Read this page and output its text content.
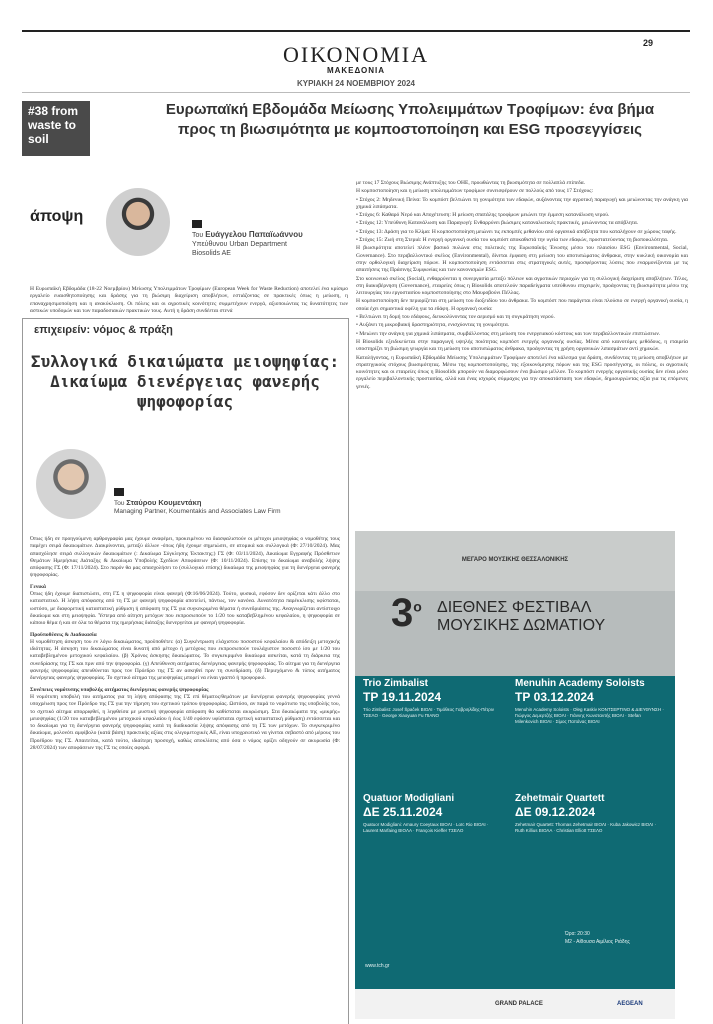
ΟΙΚΟΝΟΜΙΑ
ΜΑΚΕΔΟΝΙΑ
29
ΚΥΡΙΑΚΗ 24 ΝΟΕΜΒΡΙΟΥ 2024
#38 from waste to soil
Ευρωπαϊκή Εβδομάδα Μείωσης Υπολειμμάτων Τροφίμων: ένα βήμα προς τη βιωσιμότητα με κομποστοποίηση και ESG προσεγγίσεις
άποψη
Του Ευάγγελου Παπαϊωάννου
Υπεύθυνου Urban Department
Biosolids AE
Η Ευρωπαϊκή Εβδομάδα (18-22 Νοεμβρίου) Μείωσης Υπολειμμάτων Τροφίμων (European Week for Waste Reduction) αποτελεί ένα κρίσιμο εργαλείο ευαισθητοποίησης και δράσης για τη βιώσιμη διαχείριση αποβλήτων, εστιάζοντας σε πρακτικές όπως η μείωση, η επαναχρησιμοποίηση και η ανακύκλωση. Οι πόλεις και οι αγροτικές κοινότητες συμμετέχουν ενεργά, αξιοποιώντας τις δυνατότητες των αστικών υποδομών και των παραδοσιακών πρακτικών τους. Αυτή η δράση συνδέεται στενά
με τους 17 Στόχους Βιώσιμης Ανάπτυξης του ΟΗΕ, προωθώντας τη βιωσιμότητα σε πολλαπλά επίπεδα.
Η κομποστοποίηση και η μείωση υπολειμμάτων τροφίμων συνεισφέρουν σε πολλούς από τους 17 Στόχους:
• Στόχος 2: Μηδενική Πείνα: Το κομπόστ βελτιώνει τη γονιμότητα των εδαφών, αυξάνοντας την αγροτική παραγωγή και μειώνοντας την ανάγκη για χημικά λιπάσματα.
• Στόχος 6: Καθαρό Νερό και Αποχέτευση: Η μείωση σπατάλης τροφίμων μειώνει την έμμεση κατανάλωση νερού.
• Στόχος 12: Υπεύθυνη Κατανάλωση και Παραγωγή: Ενθαρρύνει βιώσιμες καταναλωτικές πρακτικές, μειώνοντας τα απόβλητα.
• Στόχος 13: Δράση για το Κλίμα: Η κομποστοποίηση μειώνει τις εκπομπές μεθανίου από οργανικά απόβλητα που καταλήγουν σε χώρους ταφής.
• Στόχος 15: Ζωή στη Στεριά: Η ενεργή οργανική ουσία του κομπόστ αποκαθιστά την υγεία των εδαφών, προστατεύοντας τη βιοποικιλότητα.
Η βιωσιμότητα αποτελεί πλέον βασικό πυλώνα στις πολιτικές της Ευρωπαϊκής Ένωσης μέσω του πλαισίου ESG (Environmental, Social, Governance). Στο περιβαλλοντικό σκέλος (Environmental), δίνεται έμφαση στη μείωση του αποτυπώματος άνθρακα, στην κυκλική οικονομία και στην ορθολογική διαχείριση πόρων. Η κομποστοποίηση εντάσσεται στις στρατηγικές αυτές, προσφέροντας λύσεις που εναρμονίζονται με τις απαιτήσεις της Πράσινης Συμφωνίας και των κανονισμών ESG.
Στο κοινωνικό σκέλος (Social), ενθαρρύνεται η συνεργασία μεταξύ πόλεων και αγροτικών περιοχών για τη συλλογική διαχείριση αποβλήτων. Τέλος, στη διακυβέρνηση (Governance), εταιρείες όπως η Biosolids αποτελούν παραδείγματα υπεύθυνου επιχειρείν, προάγοντας τη βιωσιμότητα μέσω της λειτουργίας του εργοστασίου κομποστοποίησης στο Μαυροβούνι Πέλλας.
Η κομποστοποίηση δεν περιορίζεται στη μείωση του διοξειδίου του άνθρακα. Το κομπόστ που παράγεται είναι πλούσιο σε ενεργή οργανική ουσία, η οποία έχει σημαντικά οφέλη για τα εδάφη. Η οργανική ουσία:
• Βελτιώνει τη δομή του εδάφους, διευκολύνοντας τον αερισμό και τη συγκράτηση νερού.
• Αυξάνει τη μικροβιακή δραστηριότητα, ενισχύοντας τη γονιμότητα.
• Μειώνει την ανάγκη για χημικά λιπάσματα, συμβάλλοντας στη μείωση του ενεργειακού κόστους και των περιβαλλοντικών επιπτώσεων.
Η Biosolids εξειδικεύεται στην παραγωγή υψηλής ποιότητας κομπόστ ενεργής οργανικής ουσίας. Μέσα από καινοτόμες μεθόδους, η εταιρεία υποστηρίζει τη βιώσιμη γεωργία και τη μείωση του αποτυπώματος άνθρακα, προάγοντας τη χρήση οργανικών λιπασμάτων αντί χημικών.
Καταλήγοντας, η Ευρωπαϊκή Εβδομάδα Μείωσης Υπολειμμάτων Τροφίμων αποτελεί ένα κάλεσμα για δράση, συνδέοντας τη μείωση αποβλήτων με στρατηγικούς στόχους βιωσιμότητας. Μέσω της κομποστοποίησης, της εξοικονόμησης πόρων και της ESG προσέγγισης, οι πόλεις, οι αγροτικές κοινότητες και οι εταιρείες όπως η Biosolids μπορούν να διαμορφώσουν ένα βιώσιμο μέλλον. Το κομπόστ ενεργής οργανικής ουσίας δεν είναι μόνο εργαλείο περιβαλλοντικής προστασίας, αλλά και ένας ισχυρός σύμμαχος για την αποκατάσταση των εδαφών, δημιουργώντας αξία για τις επόμενες γενιές.
επιχειρείν: νόμος & πράξη
Συλλογικά δικαιώματα μειοψηφίας: Δικαίωμα διενέργειας φανερής ψηφοφορίας
Του Σταύρου Κουμεντάκη
Managing Partner, Koumentakis and Associates Law Firm
Όπως ήδη σε προηγούμενη αρθρογραφία μας έχουμε αναφέρει, προκειμένου να διασφαλιστούν οι μέτοχοι μειοψηφίας ο νομοθέτης τους παρέχει σειρά δικαιωμάτων. Διακρίνονται, μεταξύ άλλων -όπως ήδη έχουμε σημειώσει, σε ατομικά και συλλογικά (Φ: 27/10/2024). Μας απασχόλησε σειρά συλλογικών δικαιωμάτων (: Δικαίωμα Σύγκλησης Έκτακτης;) ΓΣ (Φ: 03/11/2024), Δικαίωμα Εγγραφής Πρόσθετων Θεμάτων Ημερήσιας Διάταξης & Δικαίωμα Υποβολής Σχεδίων Αποφάσεων (Φ: 10/11/2024). Επίσης το δικαίωμα αναβολής λήψης απόφασης ΓΣ (Φ: 17/11/2024). Στο παρόν θα μας απασχολήσει το (συλλογικό επίσης) δικαίωμα της μειοψηφίας για τη διενέργεια φανερής ψηφοφορίας.
Γενικά
Όπως ήδη έχουμε διαπιστώσει, στη ΓΣ η ψηφοφορία είναι φανερή (Φ:16/06/2024). Τούτο, φυσικά, εφόσον δεν ορίζεται κάτι άλλο στο καταστατικό. Η λήψη απόφασης από τη ΓΣ με φανερή ψηφοφορία αποτελεί, πάντως, τον κανόνα. Δυνατότητα παρέκκλισης υφίσταται, ωστόσο, με διαφορετική καταστατική ρύθμιση ή απόφαση της ΓΣ για συγκεκριμένα θέματα ή συνεδριάσεις της. Αναγνωρίζεται αντίστοιχο δικαίωμα και στη μειοψηφία. Ύστερα από αίτηση μετόχων που εκπροσωπούν το 1/20 του καταβεβλημένου κεφαλαίου, η ψηφοφορία σε κάποιο θέμα ή και σε όλα τα θέματα της ημερήσιας διάταξης διενεργείται με φανερή ψηφοφορία.
Προϋποθέσεις & Διαδικασία
Η νομοθέτηση άσκηση του εν λόγω δικαιώματος, προϋποθέτει: (α) Συγκέντρωση ελάχιστου ποσοστού κεφαλαίου & απόδειξη μετοχικής ιδιότητας. Η άσκηση του δικαιώματος είναι δυνατή από μέτοχο ή μετόχους που εκπροσωπούν τουλάχιστον ποσοστό ίσο με 1/20 του καταβεβλημένου μετοχικού κεφαλαίου. (β) Χρόνος άσκησης δικαιώματος. Το συγκεκριμένο δικαίωμα ασκείται, κατά τη διάρκεια της συνεδρίασης της ΓΣ και πριν από την ψηφοφορία. (γ) Απεύθυνση αιτήματος διενέργειας φανερής ψηφοφορίας. Το αίτημα για τη διενέργεια φανερής ψηφοφορίας απευθύνεται προς τον Πρόεδρο της ΓΣ αν ασκηθεί πριν τη συνεδρίαση. (δ) Περιεχόμενο & τύπος αιτήματος διενέργειας φανερής ψηφοφορίας. Το σχετικό αίτημα της μειοψηφίας μπορεί να είναι γραπτό ή προφορικό.
Συνέπειες νομότυπης υποβολής αιτήματος διενέργειας φανερής ψηφοφορίας
Η νομότυπη υποβολή του αιτήματος για τη λήψη απόφασης της ΓΣ επί θέματος/θεμάτων με διενέργεια φανερής ψηφοφορίας γεννά υποχρέωση προς τον Πρόεδρο της ΓΣ για την τήρηση του σχετικού τρόπου ψηφοφορίας. Ωστόσο, αν παρά το νομότυπο της υποβολής του, το σχετικό αίτημα απορριφθεί, η ληφθείσα με μυστική ψηφοφορία απόφαση θα καθίσταται ακυρώσιμη. Στα δικαιώματα της «μικρής» μειοψηφίας (1/20 του καταβεβλημένου μετοχικού κεφαλαίου ή έως 1/40 εφόσον υφίσταται σχετική καταστατική ρύθμιση) εντάσσεται και το δικαίωμα για τη διενέργεια φανερής ψηφοφορίας κατά τη διαδικασία λήψης απόφασης από τη ΓΣ των μετόχων. Το συγκεκριμένο δικαίωμα, μολονότι αμφίβολο (κατά βάση) πρακτικής αξίας στις ολιγομετοχικές ΑΕ, είναι υποχρεωτικό να γίνεται σεβαστό από μέρους του Προέδρου της ΓΣ. Απαιτείται, κατά τούτο, ιδιαίτερη προσοχή, καθώς αποκλίσεις από όσα ο νόμος ορίζει οδηγούν σε ακυρωσία (Φ: 28/07/2024) των αποφάσεων της ΓΣ τις οποίες αφορά.
ΜΕΓΑΡΟ ΜΟΥΣΙΚΗΣ ΘΕΣΣΑΛΟΝΙΚΗΣ
$3^o$ ΔΙΕΘΝΕΣ ΦΕΣΤΙΒΑΛ
ΜΟΥΣΙΚΗΣ ΔΩΜΑΤΙΟΥ
Trio Zimbalist
ΤΡ 19.11.2024
Trio Zimbalist: Josef Špaček ΒΙΟΛΙ · Τιμόθεος Γαβριηλίδης-Πέτριν ΤΣΕΛΟ · George Xiaoyuan Fu ΠΙΑΝΟ
Menuhin Academy Soloists
ΤΡ 03.12.2024
Menuhin Academy Soloists · Oleg Kaskiv ΚΟΝΤΣΕΡΤΙΝΟ & ΔΙΕΥΘΥΝΣΗ · Γιώργος Δεμερτζής ΒΙΟΛΙ · Γιάννης Κωνσταντής ΒΙΟΛΙ · Stefan Milenkovich ΒΙΟΛΙ · Σίμος Παπάνας ΒΙΟΛΙ
Quatuor Modigliani
ΔΕ 25.11.2024
Quatuor Modigliani: Amaury Coeytaux ΒΙΟΛΙ · Loïc Rio ΒΙΟΛΙ · Laurent Marfaing ΒΙΟΛΑ · François Kieffer ΤΣΕΛΟ
Zehetmair Quartett
ΔΕ 09.12.2024
Zehetmair Quartett: Thomas Zehetmair ΒΙΟΛΙ · Kuba Jakowicz ΒΙΟΛΙ · Ruth Killius ΒΙΟΛΑ · Christian Elliott ΤΣΕΛΟ
Ώρα: 20:30
Μ2 - Αίθουσα Αιμίλιος Ριάδης
www.tch.gr
GRAND PALACE	AEGEAN
